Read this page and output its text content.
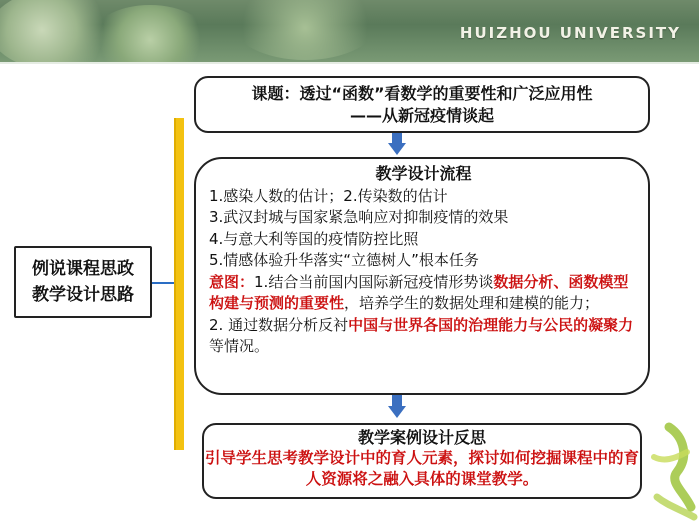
HUIZHOU UNIVERSITY
例说课程思政
教学设计思路
课题：透过“函数”看数学的重要性和广泛应用性
——从新冠疫情谈起
教学设计流程
1.感染人数的估计；2.传染数的估计
3.武汉封城与国家紧急响应对抑制疫情的效果
4.与意大利等国的疫情防控比照
5.情感体验升华落实“立德树人”根本任务
意图：1.结合当前国内国际新冠疫情形势谈数据分析、函数模型构建与预测的重要性，培养学生的数据处理和建模的能力；
2. 通过数据分析反衬中国与世界各国的治理能力与公民的凝聚力等情况。
教学案例设计反思
引导学生思考教学设计中的育人元素，探讨如何挖掘课程中的育人资源将之融入具体的课堂教学。
